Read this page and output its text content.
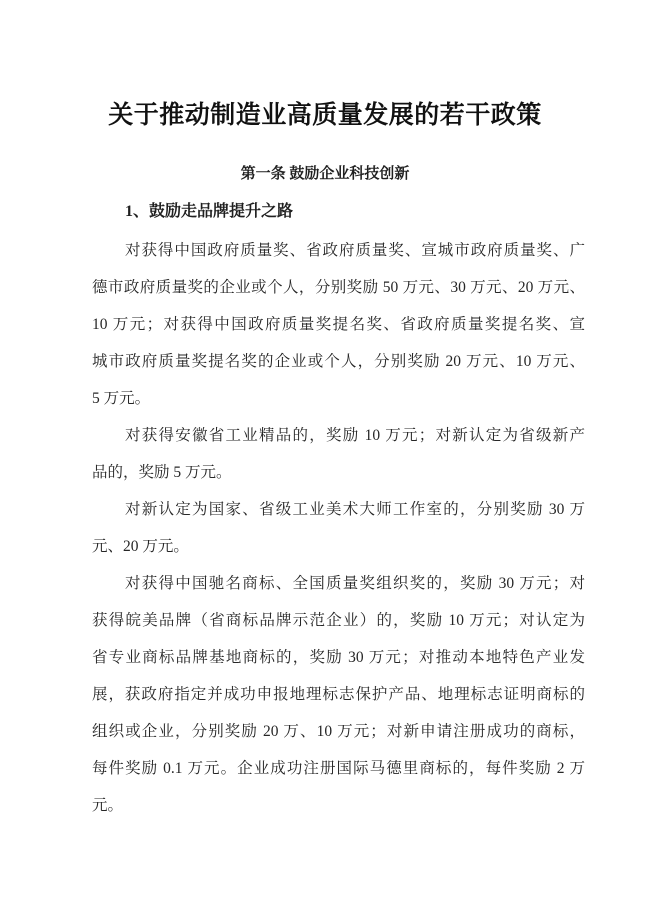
关于推动制造业高质量发展的若干政策
第一条 鼓励企业科技创新
1、鼓励走品牌提升之路
对获得中国政府质量奖、省政府质量奖、宣城市政府质量奖、广
德市政府质量奖的企业或个人，分别奖励 50 万元、30 万元、20 万元、
10 万元；对获得中国政府质量奖提名奖、省政府质量奖提名奖、宣
城市政府质量奖提名奖的企业或个人，分别奖励 20 万元、10 万元、
5 万元。
对获得安徽省工业精品的，奖励 10 万元；对新认定为省级新产
品的，奖励 5 万元。
对新认定为国家、省级工业美术大师工作室的，分别奖励 30 万
元、20 万元。
对获得中国驰名商标、全国质量奖组织奖的，奖励 30 万元；对
获得皖美品牌（省商标品牌示范企业）的，奖励 10 万元；对认定为
省专业商标品牌基地商标的，奖励 30 万元；对推动本地特色产业发
展，获政府指定并成功申报地理标志保护产品、地理标志证明商标的
组织或企业，分别奖励 20 万、10 万元；对新申请注册成功的商标，
每件奖励 0.1 万元。企业成功注册国际马德里商标的，每件奖励 2 万
元。
